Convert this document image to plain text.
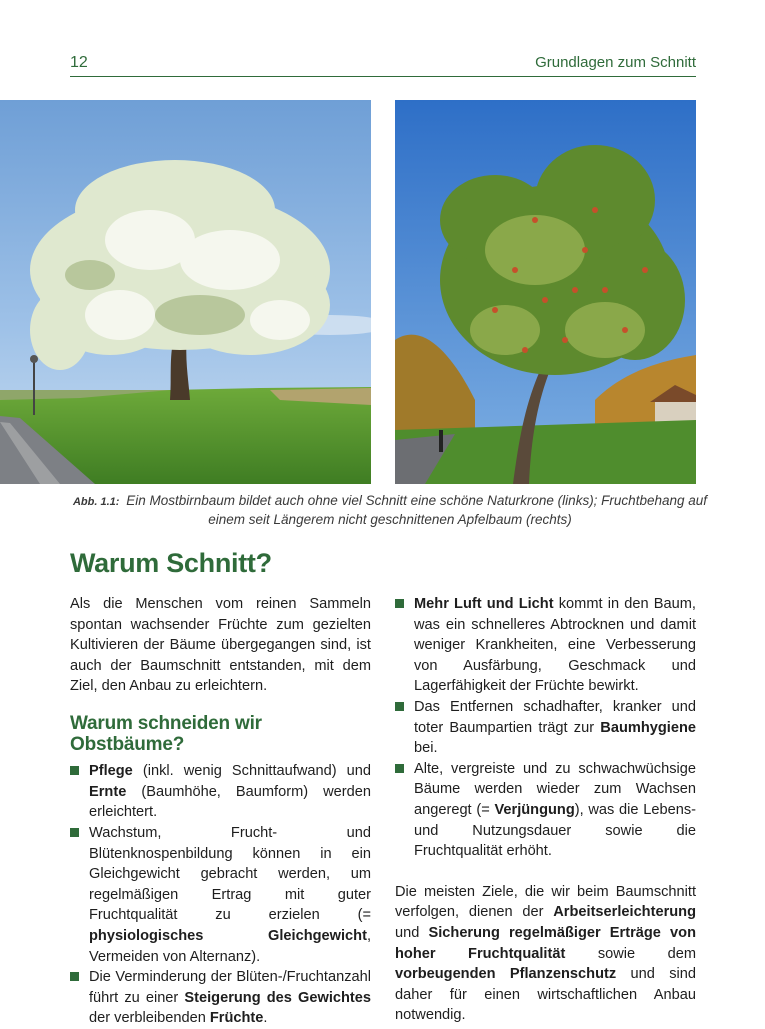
12	Grundlagen zum Schnitt
Abb. 1.1: Ein Mostbirnbaum bildet auch ohne viel Schnitt eine schöne Naturkrone (links); Fruchtbehang auf einem seit Längerem nicht geschnittenen Apfelbaum (rechts)
Warum Schnitt?

Als die Menschen vom reinen Sammeln spontan wachsender Früchte zum gezielten Kultivieren der Bäume übergegangen sind, ist auch der Baumschnitt entstanden, mit dem Ziel, den Anbau zu erleichtern.

Warum schneiden wir Obstbäume?
Pflege (inkl. wenig Schnittaufwand) und Ernte (Baumhöhe, Baumform) werden erleichtert.
Wachstum, Frucht- und Blütenknospenbildung können in ein Gleichgewicht gebracht werden, um regelmäßigen Ertrag mit guter Fruchtqualität zu erzielen (= physiologisches Gleichgewicht, Vermeiden von Alternanz).
Die Verminderung der Blüten-/Fruchtanzahl führt zu einer Steigerung des Gewichtes der verbleibenden Früchte.
Mehr Luft und Licht kommt in den Baum, was ein schnelleres Abtrocknen und damit weniger Krankheiten, eine Verbesserung von Ausfärbung, Geschmack und Lagerfähigkeit der Früchte bewirkt.
Das Entfernen schadhafter, kranker und toter Baumpartien trägt zur Baumhygiene bei.
Alte, vergreiste und zu schwachwüchsige Bäume werden wieder zum Wachsen angeregt (= Verjüngung), was die Lebens- und Nutzungsdauer sowie die Fruchtqualität erhöht.

Die meisten Ziele, die wir beim Baumschnitt verfolgen, dienen der Arbeitserleichterung und Sicherung regelmäßiger Erträge von hoher Fruchtqualität sowie dem vorbeugenden Pflanzenschutz und sind daher für einen wirtschaftlichen Anbau notwendig.
